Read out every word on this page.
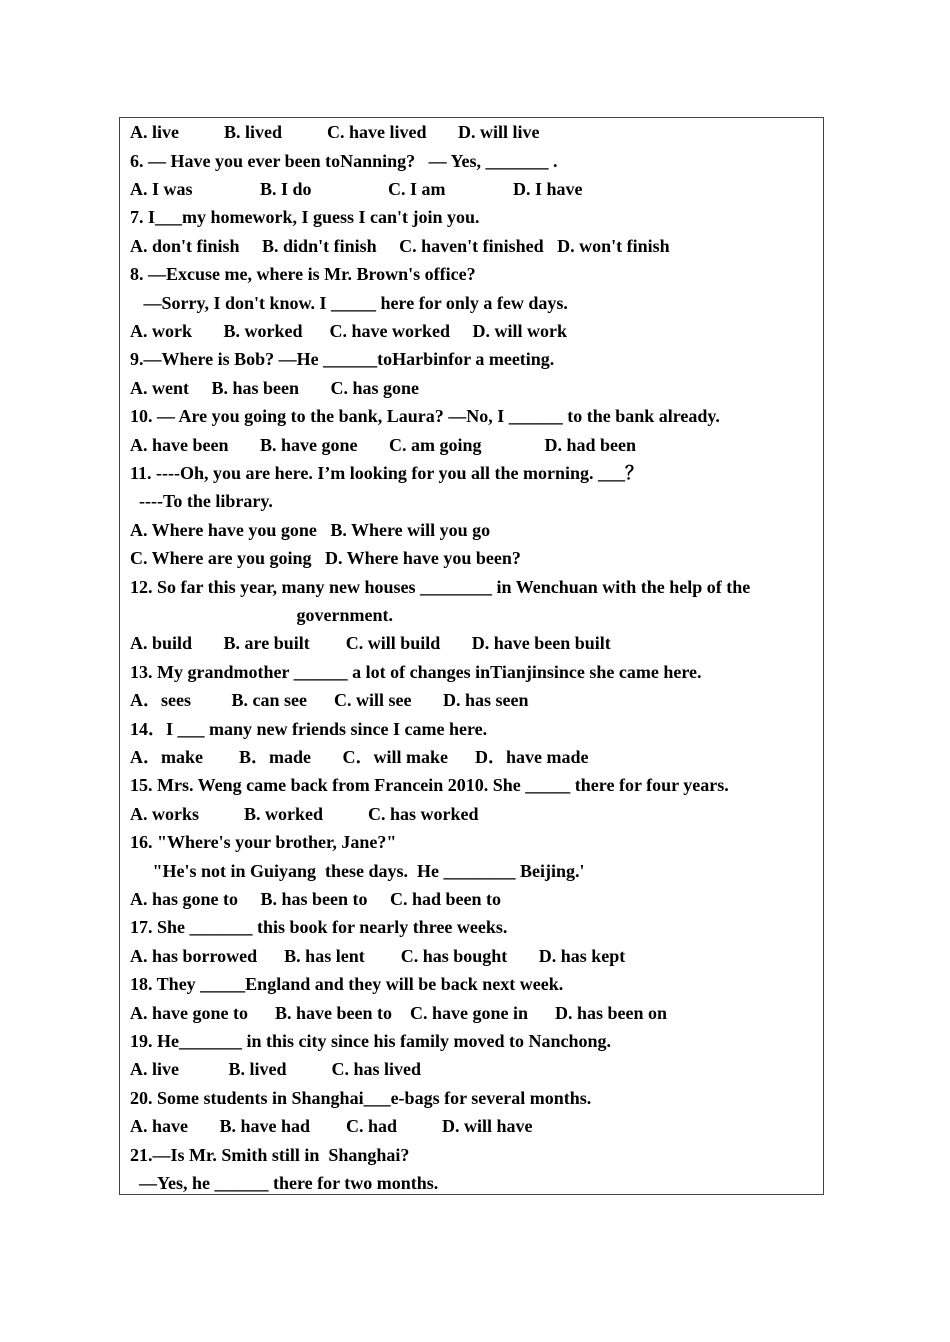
A. live          B. lived          C. have lived       D. will live
6. — Have you ever been toNanning?   — Yes, _______ .
A. I was               B. I do                 C. I am               D. I have
7. I___my homework, I guess I can't join you.
A. don't finish     B. didn't finish     C. haven't finished   D. won't finish
8. —Excuse me, where is Mr. Brown's office?
—Sorry, I don't know. I _____ here for only a few days.
A. work       B. worked      C. have worked     D. will work
9.—Where is Bob? —He ______toHarbinfor a meeting.
A. went     B. has been       C. has gone
10. — Are you going to the bank, Laura? —No, I ______ to the bank already.
A. have been       B. have gone       C. am going              D. had been
11. ----Oh, you are here. I’m looking for you all the morning. ___？
----To the library.
A. Where have you gone   B. Where will you go
C. Where are you going   D. Where have you been?
12. So far this year, many new houses ________ in Wenchuan with the help of the
government.
A. build       B. are built        C. will build       D. have been built
13. My grandmother ______ a lot of changes inTianjinsince she came here.
A．sees         B. can see      C. will see       D. has seen
14．I ___ many new friends since I came here.
A．make        B．made       C．will make      D．have made
15. Mrs. Weng came back from Francein 2010. She _____ there for four years.
A. works          B. worked          C. has worked
16. "Where's your brother, Jane?"
"He's not in Guiyang  these days.  He ________ Beijing.'
A. has gone to     B. has been to     C. had been to
17. She _______ this book for nearly three weeks.
A. has borrowed      B. has lent        C. has bought       D. has kept
18. They _____England and they will be back next week.
A. have gone to      B. have been to    C. have gone in      D. has been on
19. He_______ in this city since his family moved to Nanchong.
A. live           B. lived          C. has lived
20. Some students in Shanghai___e-bags for several months.
A. have       B. have had        C. had          D. will have
21.—Is Mr. Smith still in  Shanghai?
—Yes, he ______ there for two months.
